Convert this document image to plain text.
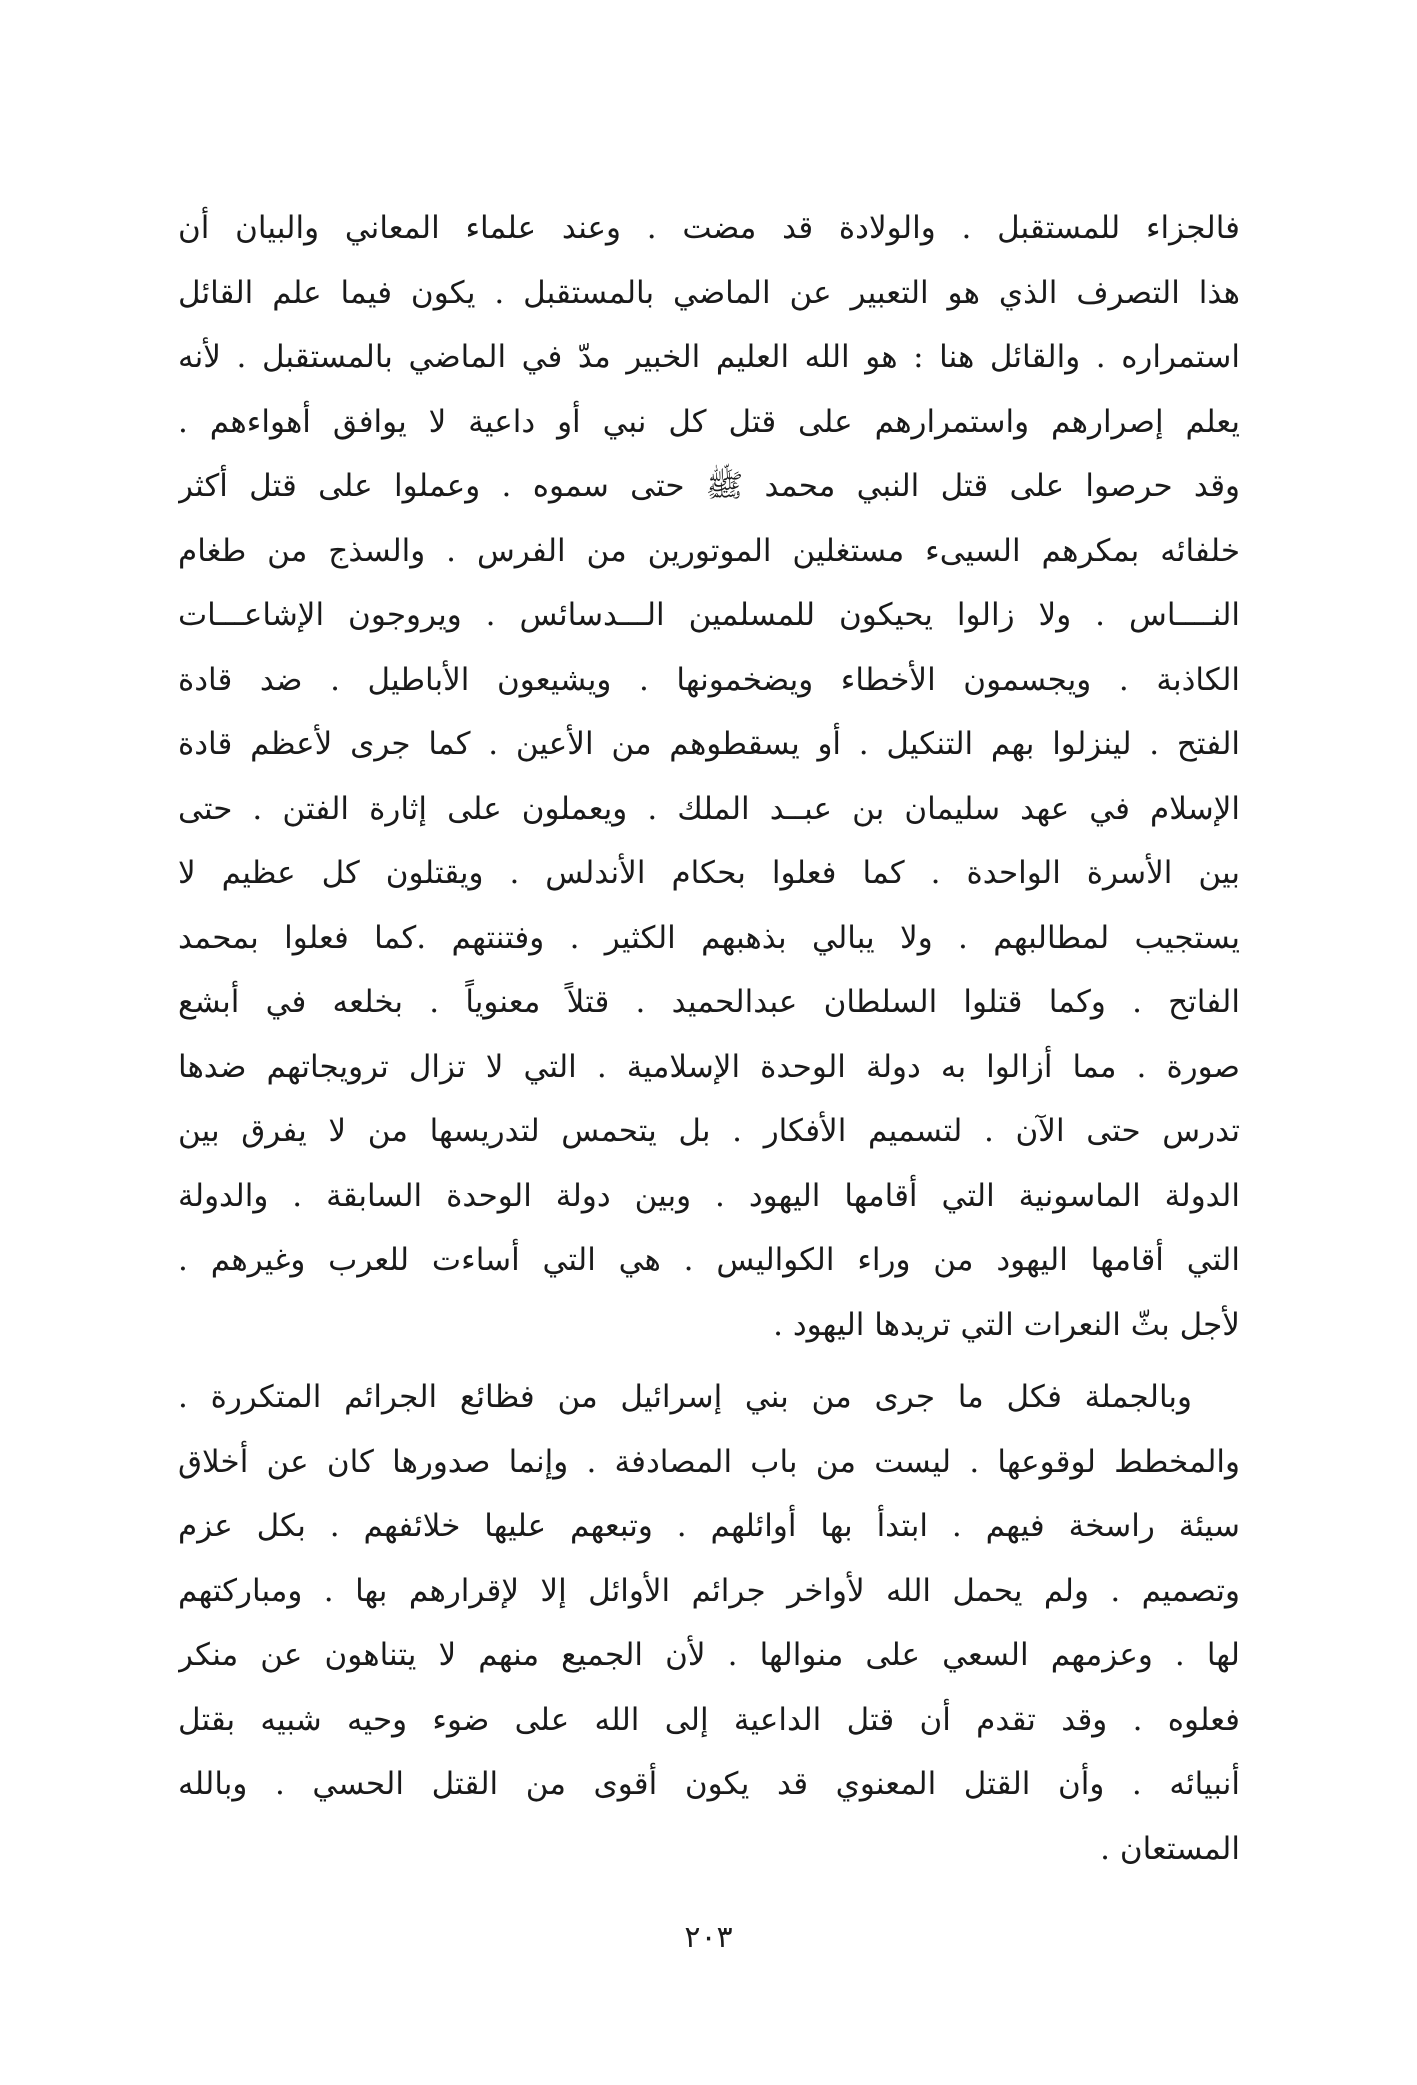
فالجزاء للمستقبل . والولادة قد مضت . وعند علماء المعاني والبيان أن
هذا التصرف الذي هو التعبير عن الماضي بالمستقبل . يكون فيما علم القائل
استمراره . والقائل هنا : هو الله العليم الخبير مدّ في الماضي بالمستقبل . لأنه
يعلم إصرارهم واستمرارهم على قتل كل نبي أو داعية لا يوافق أهواءهم .
وقد حرصوا على قتل النبي محمد ﷺ حتى سموه . وعملوا على قتل أكثر
خلفائه بمكرهم السيىء مستغلين الموتورين من الفرس . والسذج من طغام
النــــاس . ولا زالوا يحيكون للمسلمين الـــدسائس . ويروجون الإشاعـــات
الكاذبة . ويجسمون الأخطاء ويضخمونها . ويشيعون الأباطيل . ضد قادة
الفتح . لينزلوا بهم التنكيل . أو يسقطوهم من الأعين . كما جرى لأعظم قادة
الإسلام في عهد سليمان بن عبــد الملك . ويعملون على إثارة الفتن . حتى
بين الأسرة الواحدة . كما فعلوا بحكام الأندلس . ويقتلون كل عظيم لا
يستجيب لمطالبهم . ولا يبالي بذهبهم الكثير . وفتنتهم .كما فعلوا بمحمد
الفاتح . وكما قتلوا السلطان عبدالحميد . قتلاً معنوياً . بخلعه في أبشع
صورة . مما أزالوا به دولة الوحدة الإسلامية . التي لا تزال ترويجاتهم ضدها
تدرس حتى الآن . لتسميم الأفكار . بل يتحمس لتدريسها من لا يفرق بين
الدولة الماسونية التي أقامها اليهود . وبين دولة الوحدة السابقة . والدولة
التي أقامها اليهود من وراء الكواليس . هي التي أساءت للعرب وغيرهم .
لأجل بثّ النعرات التي تريدها اليهود .
وبالجملة فكل ما جرى من بني إسرائيل من فظائع الجرائم المتكررة .
والمخطط لوقوعها . ليست من باب المصادفة . وإنما صدورها كان عن أخلاق
سيئة راسخة فيهم . ابتدأ بها أوائلهم . وتبعهم عليها خلائفهم . بكل عزم
وتصميم . ولم يحمل الله لأواخر جرائم الأوائل إلا لإقرارهم بها . ومباركتهم
لها . وعزمهم السعي على منوالها . لأن الجميع منهم لا يتناهون عن منكر
فعلوه . وقد تقدم أن قتل الداعية إلى الله على ضوء وحيه شبيه بقتل
أنبيائه . وأن القتل المعنوي قد يكون أقوى من القتل الحسي . وبالله
المستعان .
٢٠٣
